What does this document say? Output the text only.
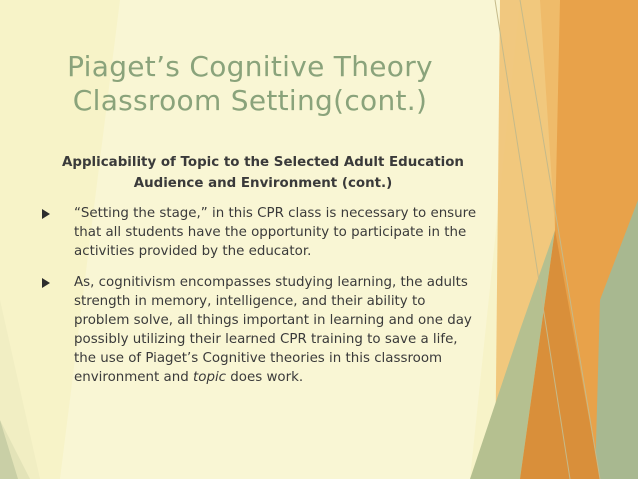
Piaget’s Cognitive Theory
Classroom Setting(cont.)
Applicability of Topic to the Selected Adult Education
Audience and Environment (cont.)
“Setting the stage,” in this CPR class is necessary to ensure that all students have the opportunity to participate in the activities provided by the educator.
As, cognitivism encompasses studying learning, the adults strength in memory, intelligence, and their ability to problem solve, all things important in learning and one day possibly utilizing their learned CPR training to save a life, the use of Piaget’s Cognitive theories in this classroom environment and topic does work.
